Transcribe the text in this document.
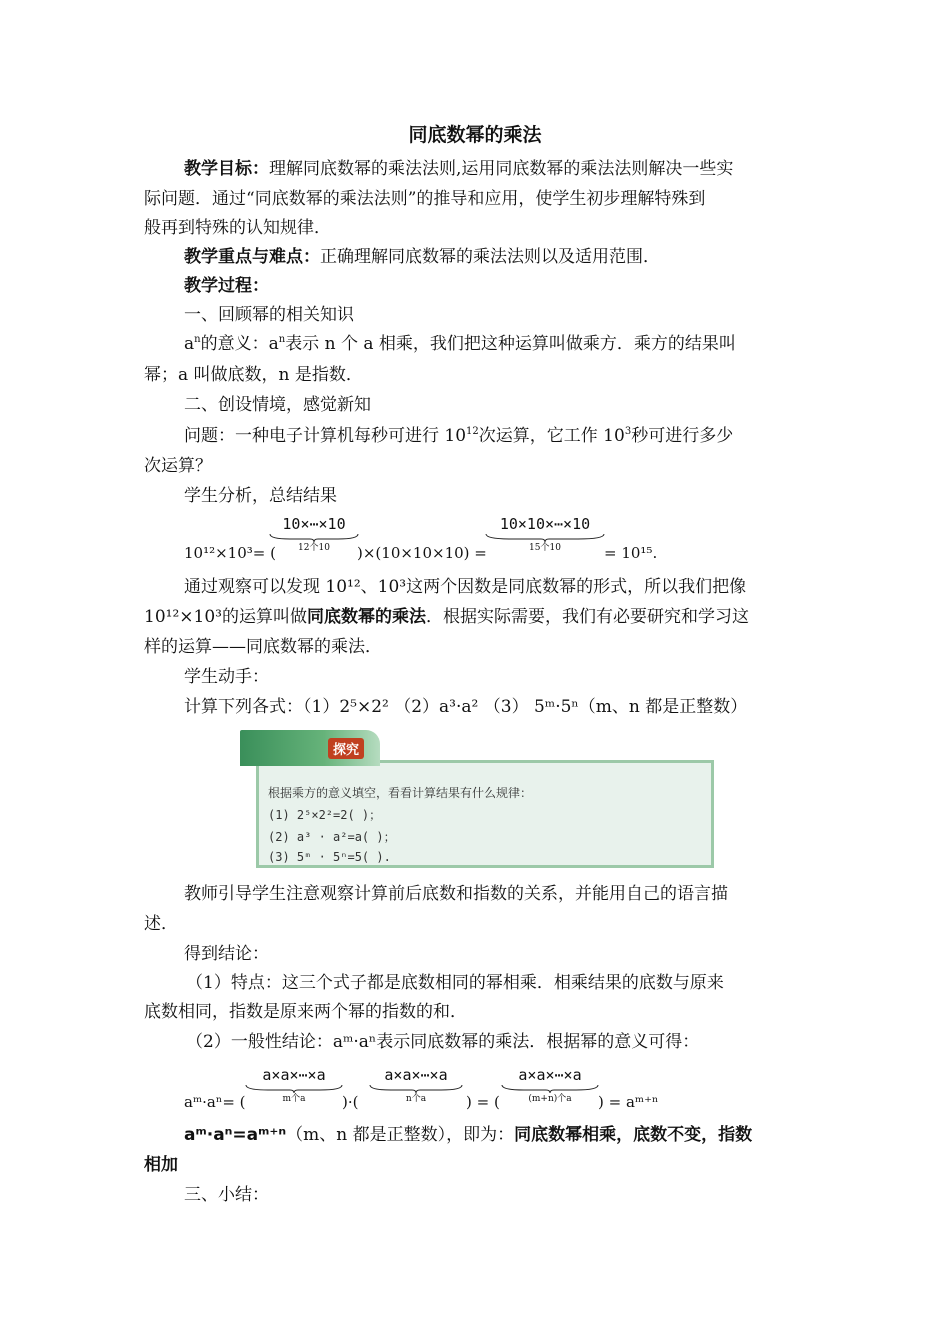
同底数幂的乘法
教学目标：理解同底数幂的乘法法则,运用同底数幂的乘法法则解决一些实
际问题．通过“同底数幂的乘法法则”的推导和应用，使学生初步理解特殊到
般再到特殊的认知规律．
教学重点与难点：正确理解同底数幂的乘法法则以及适用范围．
教学过程：
一、回顾幂的相关知识
$a^n$的意义：$a^n$表示 n 个 a 相乘，我们把这种运算叫做乘方．乘方的结果叫
幂；a 叫做底数，n 是指数．
二、创设情境，感觉新知
问题：一种电子计算机每秒可进行 $10^{12}$次运算，它工作 $10^3$秒可进行多少
次运算？
学生分析，总结结果
10¹²×10³= (
10×⋯×10
12个10	)×(10×10×10) =
10×10×⋯×10
15个10	= 10¹⁵.
通过观察可以发现 10¹²、10³这两个因数是同底数幂的形式，所以我们把像
10¹²×10³的运算叫做同底数幂的乘法．根据实际需要，我们有必要研究和学习这
样的运算——同底数幂的乘法．
学生动手：
计算下列各式：（1）2⁵×2² （2）a³·a² （3） 5ᵐ·5ⁿ（m、n 都是正整数）
探究
根据乘方的意义填空，看看计算结果有什么规律：
(1) 2⁵×2²=2( )；
(2) a³ · a²=a( )；
(3) 5ᵐ · 5ⁿ=5( ).
教师引导学生注意观察计算前后底数和指数的关系，并能用自己的语言描
述．
得到结论：
（1）特点：这三个式子都是底数相同的幂相乘．相乘结果的底数与原来
底数相同，指数是原来两个幂的指数的和．
（2）一般性结论：aᵐ·aⁿ表示同底数幂的乘法．根据幂的意义可得：
aᵐ·aⁿ= (
a×a×⋯×a
m个a	)·(
a×a×⋯×a
n个a	) = (
a×a×⋯×a
(m+n)个a	) = aᵐ⁺ⁿ
aᵐ·aⁿ=aᵐ⁺ⁿ（m、n 都是正整数），即为：同底数幂相乘，底数不变，指数
相加
三、小结：
